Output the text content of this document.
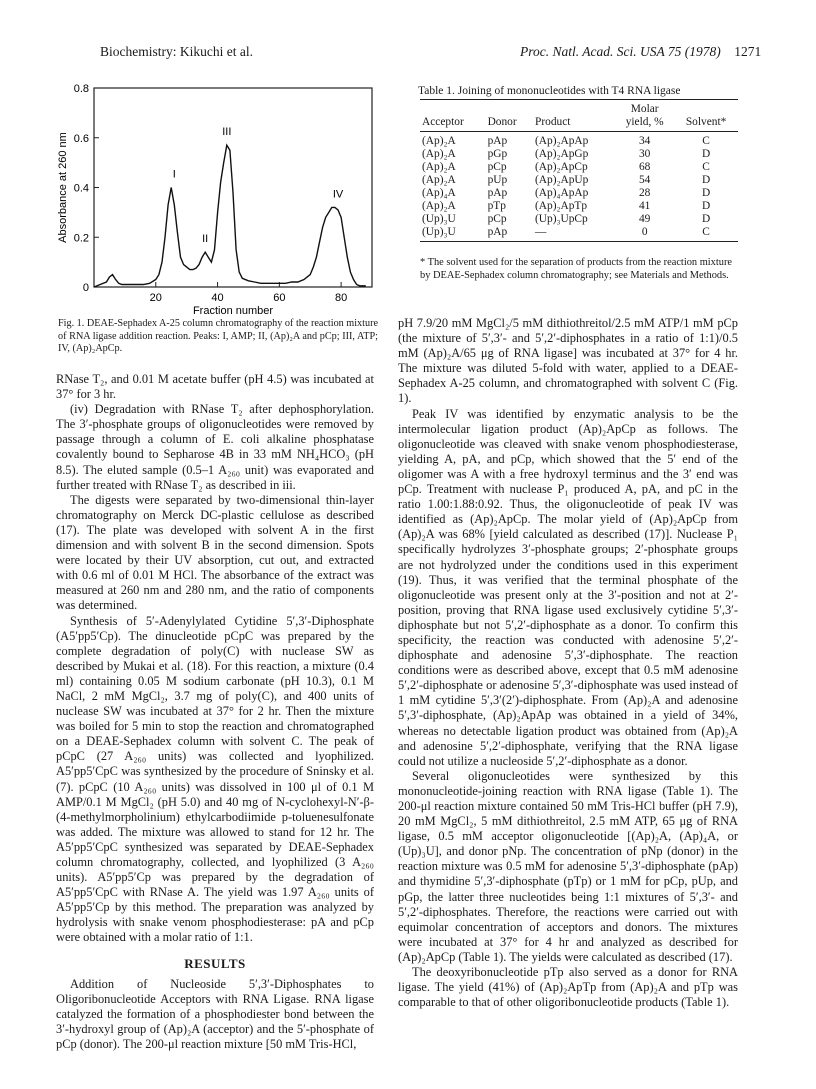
Biochemistry: Kikuchi et al.	Proc. Natl. Acad. Sci. USA 75 (1978) 1271
0
0.2
0.4
0.6
0.8
20	40	60	80
Fraction number
Absorbance at 260 nm	I
II
III
IV
Fig. 1. DEAE-Sephadex A-25 column chromatography of the reaction mixture of RNA ligase addition reaction. Peaks: I, AMP; II, (Ap)₂A and pCp; III, ATP; IV, (Ap)₂ApCp.
Table 1. Joining of mononucleotides with T4 RNA ligase

Acceptor	Donor	Product	Molar yield, %	Solvent*
(Ap)₂A	pAp	(Ap)₂ApAp	34	C
(Ap)₂A	pGp	(Ap)₂ApGp	30	D
(Ap)₂A	pCp	(Ap)₂ApCp	68	C
(Ap)₂A	pUp	(Ap)₂ApUp	54	D
(Ap)₄A	pAp	(Ap)₄ApAp	28	D
(Ap)₂A	pTp	(Ap)₂ApTp	41	D
(Up)₃U	pCp	(Up)₃UpCp	49	D
(Up)₃U	pAp	—	0	C
* The solvent used for the separation of products from the reaction mixture by DEAE-Sephadex column chromatography; see Materials and Methods.

RNase T₂, and 0.01 M acetate buffer (pH 4.5) was incubated at 37° for 3 hr.

(iv) Degradation with RNase T₂ after dephosphorylation. The 3′-phosphate groups of oligonucleotides were removed by passage through a column of E. coli alkaline phosphatase covalently bound to Sepharose 4B in 33 mM NH₄HCO₃ (pH 8.5). The eluted sample (0.5–1 A₂₆₀ unit) was evaporated and further treated with RNase T₂ as described in iii.

The digests were separated by two-dimensional thin-layer chromatography on Merck DC-plastic cellulose as described (17). The plate was developed with solvent A in the first dimension and with solvent B in the second dimension. Spots were located by their UV absorption, cut out, and extracted with 0.6 ml of 0.01 M HCl. The absorbance of the extract was measured at 260 nm and 280 nm, and the ratio of components was determined.

Synthesis of 5′-Adenylylated Cytidine 5′,3′-Diphosphate (A5′pp5′Cp). The dinucleotide pCpC was prepared by the complete degradation of poly(C) with nuclease SW as described by Mukai et al. (18). For this reaction, a mixture (0.4 ml) containing 0.05 M sodium carbonate (pH 10.3), 0.1 M NaCl, 2 mM MgCl₂, 3.7 mg of poly(C), and 400 units of nuclease SW was incubated at 37° for 2 hr. Then the mixture was boiled for 5 min to stop the reaction and chromatographed on a DEAE-Sephadex column with solvent C. The peak of pCpC (27 A₂₆₀ units) was collected and lyophilized. A5′pp5′CpC was synthesized by the procedure of Sninsky et al. (7). pCpC (10 A₂₆₀ units) was dissolved in 100 μl of 0.1 M AMP/0.1 M MgCl₂ (pH 5.0) and 40 mg of N-cyclohexyl-N′-β-(4-methylmorpholinium) ethylcarbodiimide p-toluenesulfonate was added. The mixture was allowed to stand for 12 hr. The A5′pp5′CpC synthesized was separated by DEAE-Sephadex column chromatography, collected, and lyophilized (3 A₂₆₀ units). A5′pp5′Cp was prepared by the degradation of A5′pp5′CpC with RNase A. The yield was 1.97 A₂₆₀ units of A5′pp5′Cp by this method. The preparation was analyzed by hydrolysis with snake venom phosphodiesterase: pA and pCp were obtained with a molar ratio of 1:1.

RESULTS

Addition of Nucleoside 5′,3′-Diphosphates to Oligoribonucleotide Acceptors with RNA Ligase. RNA ligase catalyzed the formation of a phosphodiester bond between the 3′-hydroxyl group of (Ap)₂A (acceptor) and the 5′-phosphate of pCp (donor). The 200-μl reaction mixture [50 mM Tris-HCl,

pH 7.9/20 mM MgCl₂/5 mM dithiothreitol/2.5 mM ATP/1 mM pCp (the mixture of 5′,3′- and 5′,2′-diphosphates in a ratio of 1:1)/0.5 mM (Ap)₂A/65 μg of RNA ligase] was incubated at 37° for 4 hr. The mixture was diluted 5-fold with water, applied to a DEAE-Sephadex A-25 column, and chromatographed with solvent C (Fig. 1).

Peak IV was identified by enzymatic analysis to be the intermolecular ligation product (Ap)₂ApCp as follows. The oligonucleotide was cleaved with snake venom phosphodiesterase, yielding A, pA, and pCp, which showed that the 5′ end of the oligomer was A with a free hydroxyl terminus and the 3′ end was pCp. Treatment with nuclease P₁ produced A, pA, and pC in the ratio 1.00:1.88:0.92. Thus, the oligonucleotide of peak IV was identified as (Ap)₂ApCp. The molar yield of (Ap)₂ApCp from (Ap)₂A was 68% [yield calculated as described (17)]. Nuclease P₁ specifically hydrolyzes 3′-phosphate groups; 2′-phosphate groups are not hydrolyzed under the conditions used in this experiment (19). Thus, it was verified that the terminal phosphate of the oligonucleotide was present only at the 3′-position and not at 2′-position, proving that RNA ligase used exclusively cytidine 5′,3′-diphosphate but not 5′,2′-diphosphate as a donor. To confirm this specificity, the reaction was conducted with adenosine 5′,2′-diphosphate and adenosine 5′,3′-diphosphate. The reaction conditions were as described above, except that 0.5 mM adenosine 5′,2′-diphosphate or adenosine 5′,3′-diphosphate was used instead of 1 mM cytidine 5′,3′(2′)-diphosphate. From (Ap)₂A and adenosine 5′,3′-diphosphate, (Ap)₂ApAp was obtained in a yield of 34%, whereas no detectable ligation product was obtained from (Ap)₂A and adenosine 5′,2′-diphosphate, verifying that the RNA ligase could not utilize a nucleoside 5′,2′-diphosphate as a donor.

Several oligonucleotides were synthesized by this mononucleotide-joining reaction with RNA ligase (Table 1). The 200-μl reaction mixture contained 50 mM Tris-HCl buffer (pH 7.9), 20 mM MgCl₂, 5 mM dithiothreitol, 2.5 mM ATP, 65 μg of RNA ligase, 0.5 mM acceptor oligonucleotide [(Ap)₂A, (Ap)₄A, or (Up)₃U], and donor pNp. The concentration of pNp (donor) in the reaction mixture was 0.5 mM for adenosine 5′,3′-diphosphate (pAp) and thymidine 5′,3′-diphosphate (pTp) or 1 mM for pCp, pUp, and pGp, the latter three nucleotides being 1:1 mixtures of 5′,3′- and 5′,2′-diphosphates. Therefore, the reactions were carried out with equimolar concentration of acceptors and donors. The mixtures were incubated at 37° for 4 hr and analyzed as described for (Ap)₂ApCp (Table 1). The yields were calculated as described (17).

The deoxyribonucleotide pTp also served as a donor for RNA ligase. The yield (41%) of (Ap)₂ApTp from (Ap)₂A and pTp was comparable to that of other oligoribonucleotide products (Table 1).
